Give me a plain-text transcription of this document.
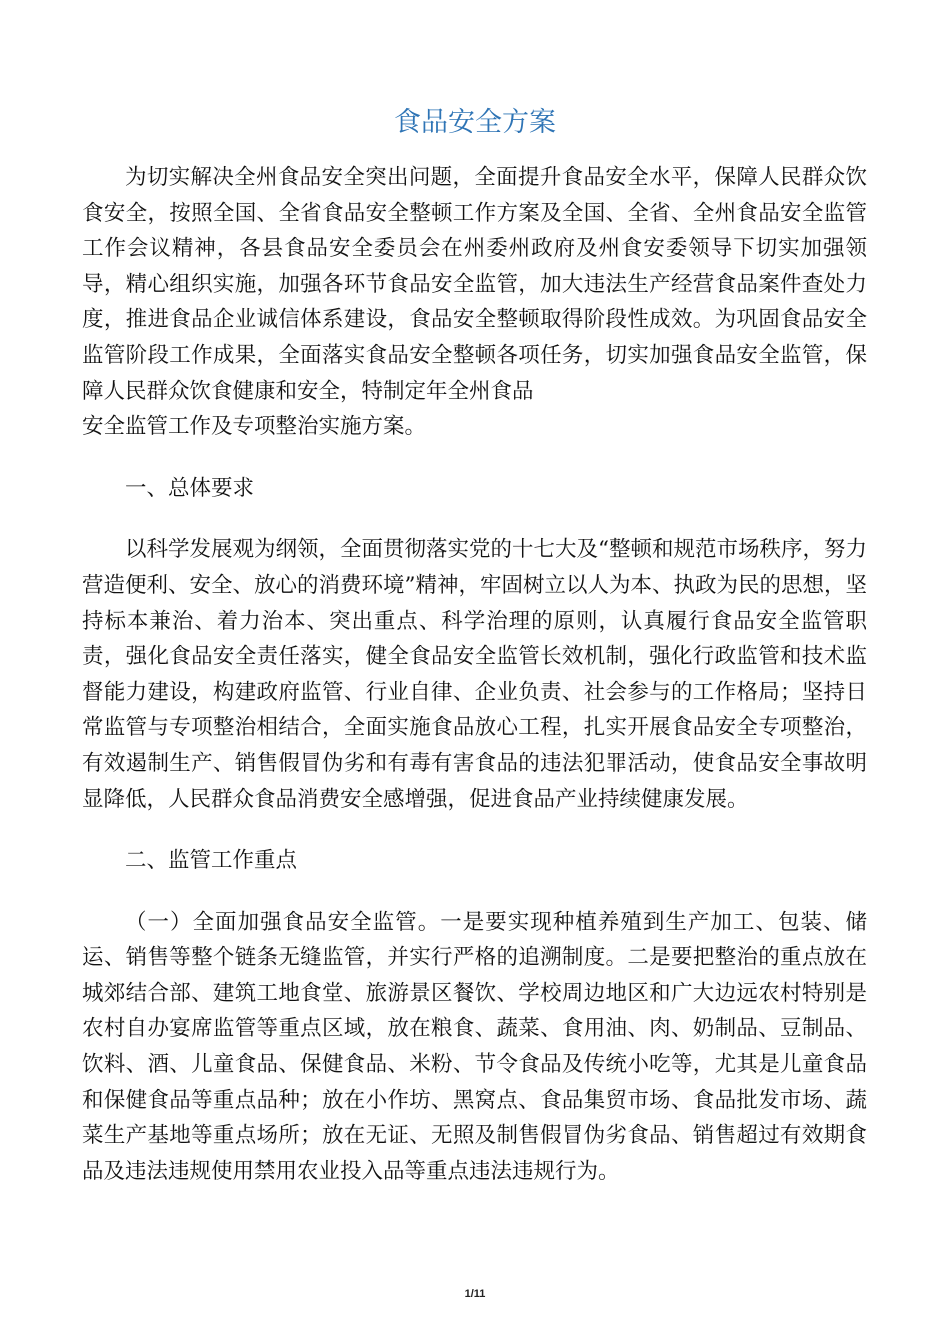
食品安全方案

为切实解决全州食品安全突出问题，全面提升食品安全水平，保障人民群众饮食安全，按照全国、全省食品安全整顿工作方案及全国、全省、全州食品安全监管工作会议精神，各县食品安全委员会在州委州政府及州食安委领导下切实加强领导，精心组织实施，加强各环节食品安全监管，加大违法生产经营食品案件查处力度，推进食品企业诚信体系建设，食品安全整顿取得阶段性成效。为巩固食品安全监管阶段工作成果，全面落实食品安全整顿各项任务，切实加强食品安全监管，保障人民群众饮食健康和安全，特制定年全州食品

安全监管工作及专项整治实施方案。

一、总体要求

以科学发展观为纲领，全面贯彻落实党的十七大及“整顿和规范市场秩序，努力营造便利、安全、放心的消费环境”精神，牢固树立以人为本、执政为民的思想，坚持标本兼治、着力治本、突出重点、科学治理的原则，认真履行食品安全监管职责，强化食品安全责任落实，健全食品安全监管长效机制，强化行政监管和技术监督能力建设，构建政府监管、行业自律、企业负责、社会参与的工作格局；坚持日常监管与专项整治相结合，全面实施食品放心工程，扎实开展食品安全专项整治，有效遏制生产、销售假冒伪劣和有毒有害食品的违法犯罪活动，使食品安全事故明显降低，人民群众食品消费安全感增强，促进食品产业持续健康发展。

二、监管工作重点

（一）全面加强食品安全监管。一是要实现种植养殖到生产加工、包装、储运、销售等整个链条无缝监管，并实行严格的追溯制度。二是要把整治的重点放在城郊结合部、建筑工地食堂、旅游景区餐饮、学校周边地区和广大边远农村特别是农村自办宴席监管等重点区域，放在粮食、蔬菜、食用油、肉、奶制品、豆制品、饮料、酒、儿童食品、保健食品、米粉、节令食品及传统小吃等，尤其是儿童食品和保健食品等重点品种；放在小作坊、黑窝点、食品集贸市场、食品批发市场、蔬菜生产基地等重点场所；放在无证、无照及制售假冒伪劣食品、销售超过有效期食品及违法违规使用禁用农业投入品等重点违法违规行为。

1/11
